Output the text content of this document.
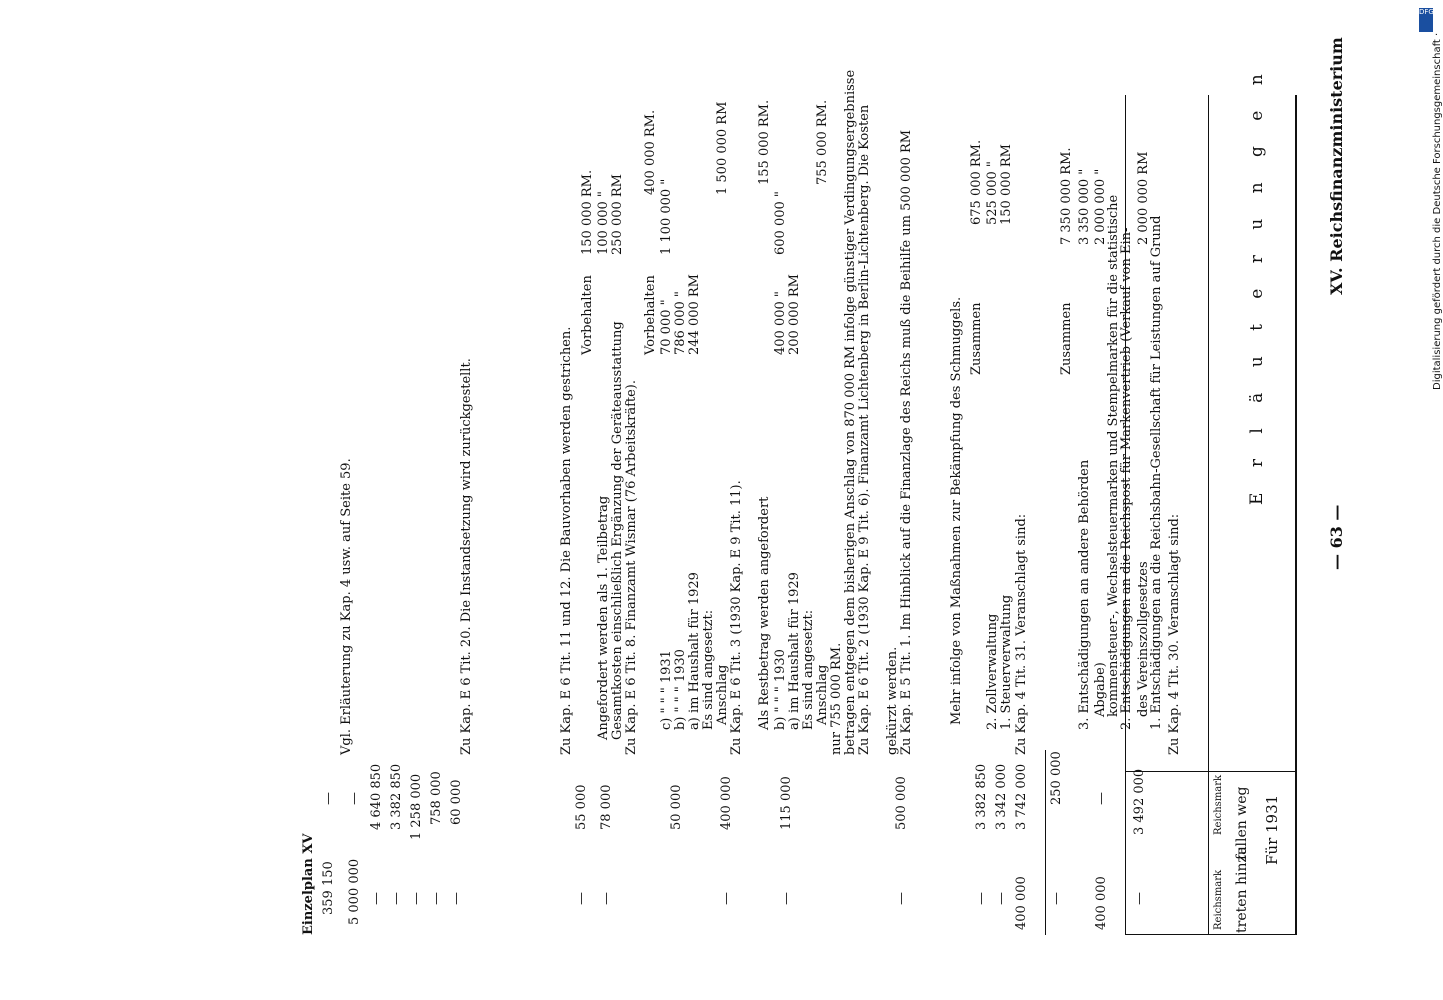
— 63 —
XV. Reichsfinanzministerium
Für 1931
treten hinzu
fallen weg
Reichsmark
Reichsmark
E r l ä u t e r u n g e n
3 492 000
—
250 000
—
400 000
—
400 000
3 742 000
—
3 342 000
—
3 382 850
—
500 000
—
115 000
—
400 000
50 000
—
78 000
—
55 000
—
60 000
—
758 000
—
1 258 000
—
3 382 850
—
4 640 850
5 000 000
—
359 150
—
Einzelplan XV
Zu Kap. 4 Tit. 30. Veranschlagt sind:
1. Entschädigungen an die Reichsbahn-Gesellschaft für Leistungen auf Grund
des Vereinszollgesetzes
2 000 000 RM
2. Entschädigungen an die Reichspost für Markenvertrieb (Verkauf von Ein-
kommensteuer-, Wechselsteuermarken und Stempelmarken für die statistische
Abgabe)
2 000 000 "
3. Entschädigungen an andere Behörden
3 350 000 "
Zusammen
7 350 000 RM.
Zu Kap. 4 Tit. 31. Veranschlagt sind:
1. Steuerverwaltung
150 000 RM
2. Zollverwaltung
525 000 "
Zusammen
675 000 RM.
Mehr infolge von Maßnahmen zur Bekämpfung des Schmuggels.
Zu Kap. E 5 Tit. 1. Im Hinblick auf die Finanzlage des Reichs muß die Beihilfe um 500 000 RM
gekürzt werden.
Zu Kap. E 6 Tit. 2 (1930 Kap. E 9 Tit. 6). Finanzamt Lichtenberg in Berlin-Lichtenberg. Die Kosten
betragen entgegen dem bisherigen Anschlag von 870 000 RM infolge günstiger Verdingungsergebnisse
nur 755 000 RM.
Anschlag
755 000 RM.
Es sind angesetzt:
a) im Haushalt für 1929
200 000 RM
b) " " " 1930
400 000 "
600 000 "
Als Restbetrag werden angefordert
155 000 RM.
Zu Kap. E 6 Tit. 3 (1930 Kap. E 9 Tit. 11).
Anschlag
1 500 000 RM
Es sind angesetzt:
a) im Haushalt für 1929
244 000 RM
b) " " " 1930
786 000 "
c) " " " 1931
70 000 "
1 100 000 "
Vorbehalten
400 000 RM.
Zu Kap. E 6 Tit. 8. Finanzamt Wismar (76 Arbeitskräfte).
Gesamtkosten einschließlich Ergänzung der Geräteausstattung
250 000 RM
Angefordert werden als 1. Teilbetrag
100 000 "
Vorbehalten
150 000 RM.
Zu Kap. E 6 Tit. 11 und 12. Die Bauvorhaben werden gestrichen.
Zu Kap. E 6 Tit. 20. Die Instandsetzung wird zurückgestellt.
Vgl. Erläuterung zu Kap. 4 usw. auf Seite 59.
Digitalisierung gefördert durch die Deutsche Forschungsgemeinschaft ·
DFG
